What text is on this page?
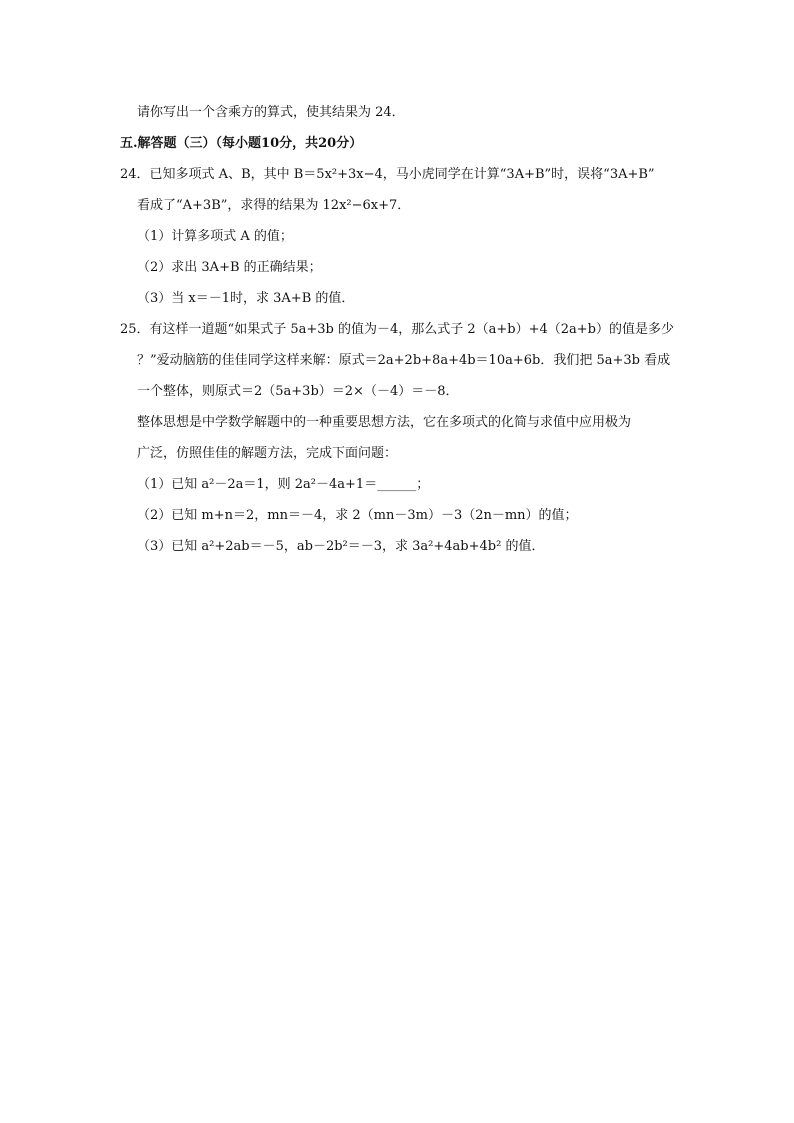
请你写出一个含乘方的算式，使其结果为 24．
五.解答题（三）（每小题10分，共20分）
24．已知多项式 A、B，其中 B＝5x²+3x−4，马小虎同学在计算“3A+B”时，误将“3A+B”
看成了“A+3B”，求得的结果为 12x²−6x+7．
（1）计算多项式 A 的值；
（2）求出 3A+B 的正确结果；
（3）当 x＝－1时，求 3A+B 的值．
25．有这样一道题“如果式子 5a+3b 的值为－4，那么式子 2（a+b）+4（2a+b）的值是多少
？”爱动脑筋的佳佳同学这样来解：原式＝2a+2b+8a+4b＝10a+6b．我们把 5a+3b 看成
一个整体，则原式＝2（5a+3b）＝2×（－4）＝－8．
整体思想是中学数学解题中的一种重要思想方法，它在多项式的化简与求值中应用极为
广泛，仿照佳佳的解题方法，完成下面问题：
（1）已知 a²－2a＝1，则 2a²－4a+1＝______；
（2）已知 m+n＝2，mn＝－4，求 2（mn－3m）－3（2n－mn）的值；
（3）已知 a²+2ab＝－5，ab－2b²＝－3，求 3a²+4ab+4b² 的值．
